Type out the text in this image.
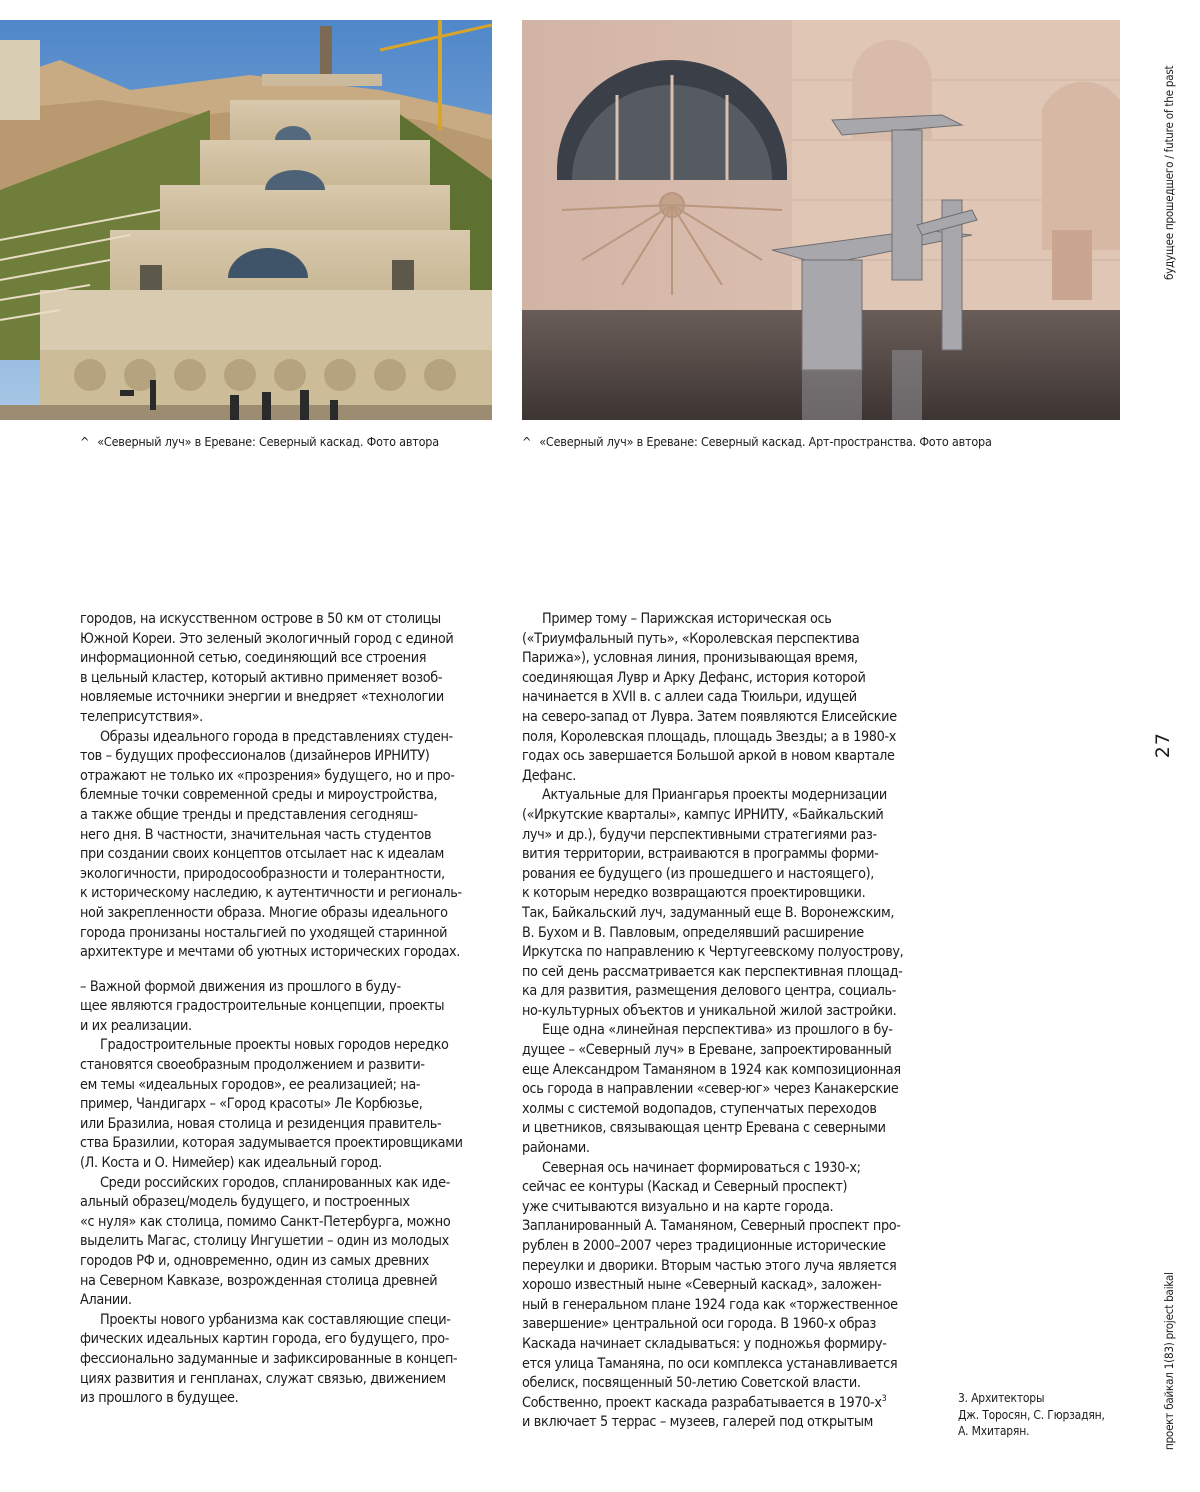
^ «Северный луч» в Ереване: Северный каскад. Фото автора	^ «Северный луч» в Ереване: Северный каскад. Арт-пространства. Фото автора

городов, на искусственном острове в 50 км от столицы
Южной Кореи. Это зеленый экологичный город с единой
информационной сетью, соединяющий все строения
в цельный кластер, который активно применяет возоб-
новляемые источники энергии и внедряет «технологии
телеприсутствия».

Образы идеального города в представлениях студен-
тов – будущих профессионалов (дизайнеров ИРНИТУ)
отражают не только их «прозрения» будущего, но и про-
блемные точки современной среды и мироустройства,
а также общие тренды и представления сегодняш-
него дня. В частности, значительная часть студентов
при создании своих концептов отсылает нас к идеалам
экологичности, природосообразности и толерантности,
к историческому наследию, к аутентичности и региональ-
ной закрепленности образа. Многие образы идеального
города пронизаны ностальгией по уходящей старинной
архитектуре и мечтами об уютных исторических городах.

– Важной формой движения из прошлого в буду-
щее являются градостроительные концепции, проекты
и их реализации.

Градостроительные проекты новых городов нередко
становятся своеобразным продолжением и развити-
ем темы «идеальных городов», ее реализацией; на-
пример, Чандигарх – «Город красоты» Ле Корбюзье,
или Бразилиа, новая столица и резиденция правитель-
ства Бразилии, которая задумывается проектировщиками
(Л. Коста и О. Нимейер) как идеальный город.

Среди российских городов, спланированных как иде-
альный образец/модель будущего, и построенных
«с нуля» как столица, помимо Санкт-Петербурга, можно
выделить Магас, столицу Ингушетии – один из молодых
городов РФ и, одновременно, один из самых древних
на Северном Кавказе, возрожденная столица древней
Алании.

Проекты нового урбанизма как составляющие специ-
фических идеальных картин города, его будущего, про-
фессионально задуманные и зафиксированные в концеп-
циях развития и генпланах, служат связью, движением
из прошлого в будущее.

Пример тому – Парижская историческая ось
(«Триумфальный путь», «Королевская перспектива
Парижа»), условная линия, пронизывающая время,
соединяющая Лувр и Арку Дефанс, история которой
начинается в XVII в. с аллеи сада Тюильри, идущей
на северо-запад от Лувра. Затем появляются Елисейские
поля, Королевская площадь, площадь Звезды; а в 1980-х
годах ось завершается Большой аркой в новом квартале
Дефанс.

Актуальные для Приангарья проекты модернизации
(«Иркутские кварталы», кампус ИРНИТУ, «Байкальский
луч» и др.), будучи перспективными стратегиями раз-
вития территории, встраиваются в программы форми-
рования ее будущего (из прошедшего и настоящего),
к которым нередко возвращаются проектировщики.
Так, Байкальский луч, задуманный еще В. Воронежским,
В. Бухом и В. Павловым, определявший расширение
Иркутска по направлению к Чертугеевскому полуострову,
по сей день рассматривается как перспективная площад-
ка для развития, размещения делового центра, социаль-
но-культурных объектов и уникальной жилой застройки.

Еще одна «линейная перспектива» из прошлого в бу-
дущее – «Северный луч» в Ереване, запроектированный
еще Александром Таманяном в 1924 как композиционная
ось города в направлении «север-юг» через Канакерские
холмы с системой водопадов, ступенчатых переходов
и цветников, связывающая центр Еревана с северными
районами.

Северная ось начинает формироваться с 1930-х;
сейчас ее контуры (Каскад и Северный проспект)
уже считываются визуально и на карте города.
Запланированный А. Таманяном, Северный проспект про-
рублен в 2000–2007 через традиционные исторические
переулки и дворики. Вторым частью этого луча является
хорошо известный ныне «Северный каскад», заложен-
ный в генеральном плане 1924 года как «торжественное
завершение» центральной оси города. В 1960-х образ
Каскада начинает складываться: у подножья формиру-
ется улица Таманяна, по оси комплекса устанавливается
обелиск, посвященный 50-летию Советской власти.
Собственно, проект каскада разрабатывается в $1970-х^3$
и включает 5 террас – музеев, галерей под открытым

будущее прошедшего / future of the past
27
проект байкал 1(83) project baikal
3. Архитекторы
Дж. Торосян, С. Гюрзадян,
А. Мхитарян.
